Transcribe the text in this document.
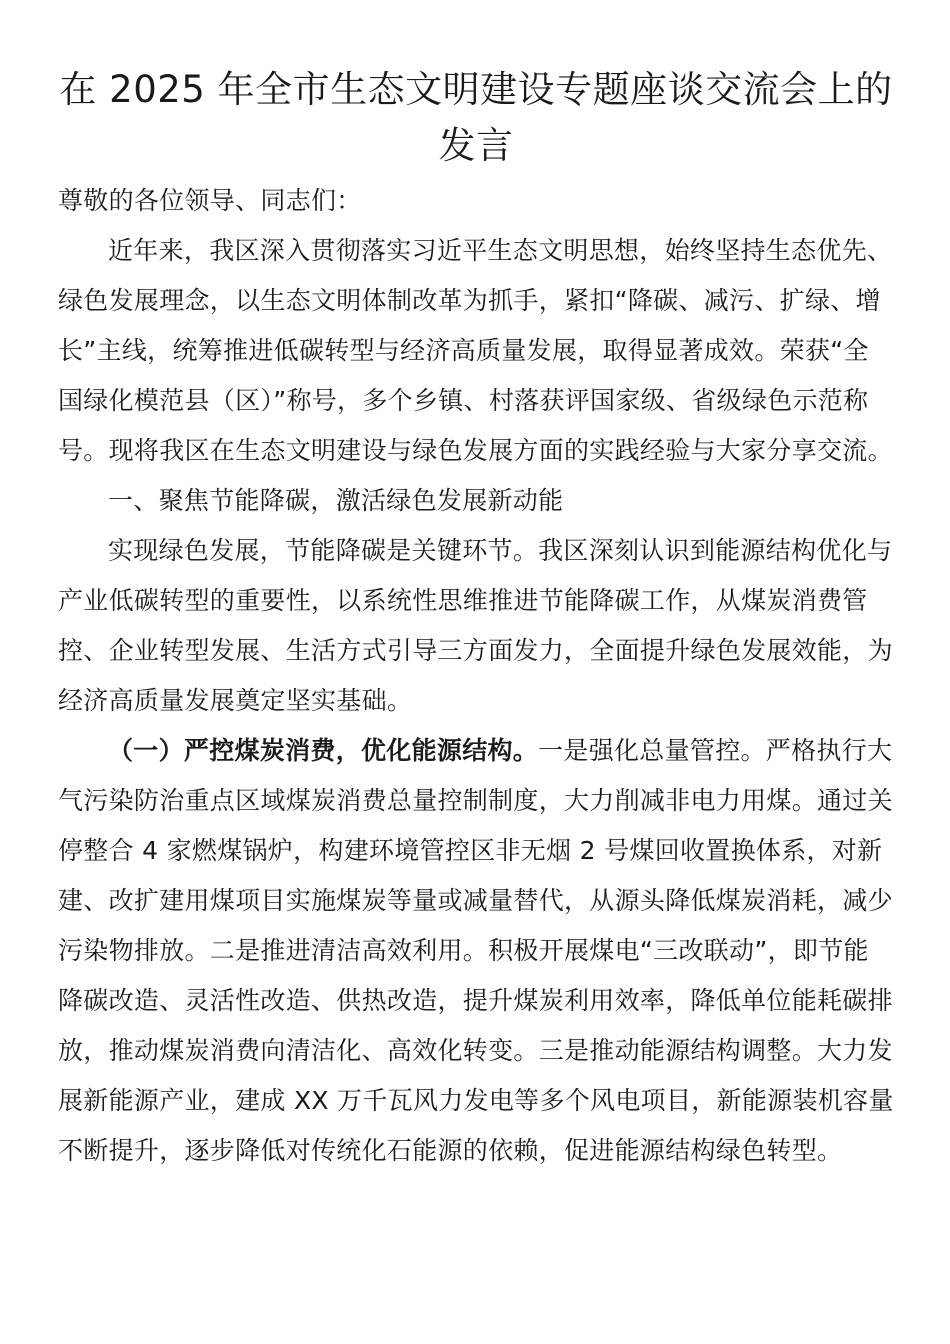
在 2025 年全市生态文明建设专题座谈交流会上的发言

尊敬的各位领导、同志们：

近年来，我区深入贯彻落实习近平生态文明思想，始终坚持生态优先、绿色发展理念，以生态文明体制改革为抓手，紧扣“降碳、减污、扩绿、增长”主线，统筹推进低碳转型与经济高质量发展，取得显著成效。荣获“全国绿化模范县（区）”称号，多个乡镇、村落获评国家级、省级绿色示范称号。现将我区在生态文明建设与绿色发展方面的实践经验与大家分享交流。

一、聚焦节能降碳，激活绿色发展新动能

实现绿色发展，节能降碳是关键环节。我区深刻认识到能源结构优化与产业低碳转型的重要性，以系统性思维推进节能降碳工作，从煤炭消费管控、企业转型发展、生活方式引导三方面发力，全面提升绿色发展效能，为经济高质量发展奠定坚实基础。

（一）严控煤炭消费，优化能源结构。一是强化总量管控。严格执行大气污染防治重点区域煤炭消费总量控制制度，大力削减非电力用煤。通过关停整合 4 家燃煤锅炉，构建环境管控区非无烟 2 号煤回收置换体系，对新建、改扩建用煤项目实施煤炭等量或减量替代，从源头降低煤炭消耗，减少污染物排放。二是推进清洁高效利用。积极开展煤电“三改联动”，即节能降碳改造、灵活性改造、供热改造，提升煤炭利用效率，降低单位能耗碳排放，推动煤炭消费向清洁化、高效化转变。三是推动能源结构调整。大力发展新能源产业，建成 XX 万千瓦风力发电等多个风电项目，新能源装机容量不断提升，逐步降低对传统化石能源的依赖，促进能源结构绿色转型。
